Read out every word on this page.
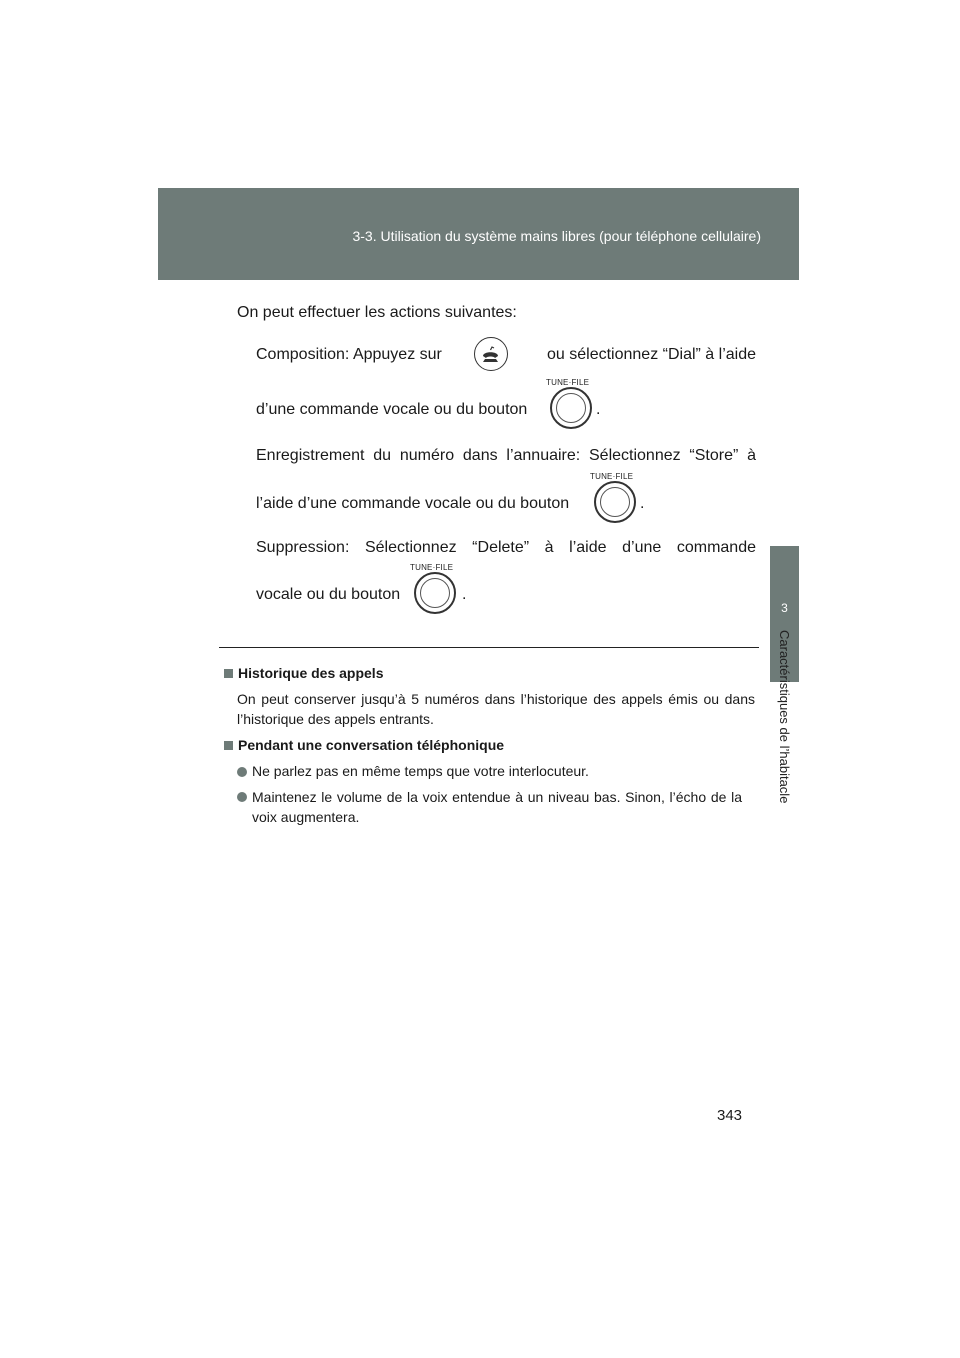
3-3. Utilisation du système mains libres (pour téléphone cellulaire)
3
Caractéristiques de l’habitacle
On peut effectuer les actions suivantes:
Composition: Appuyez sur	ou sélectionnez “Dial” à l’aide
d’une commande vocale ou du bouton
TUNE·FILE
.
Enregistrement du numéro dans l’annuaire: Sélectionnez “Store” à
l’aide d’une commande vocale ou du bouton
TUNE·FILE
.
Suppression: Sélectionnez “Delete” à l’aide d’une commande
vocale ou du bouton
TUNE·FILE
.
Historique des appels
On peut conserver jusqu’à 5 numéros dans l’historique des appels émis ou dans l’historique des appels entrants.
Pendant une conversation téléphonique
Ne parlez pas en même temps que votre interlocuteur.
Maintenez le volume de la voix entendue à un niveau bas. Sinon, l’écho de la voix augmentera.
343
